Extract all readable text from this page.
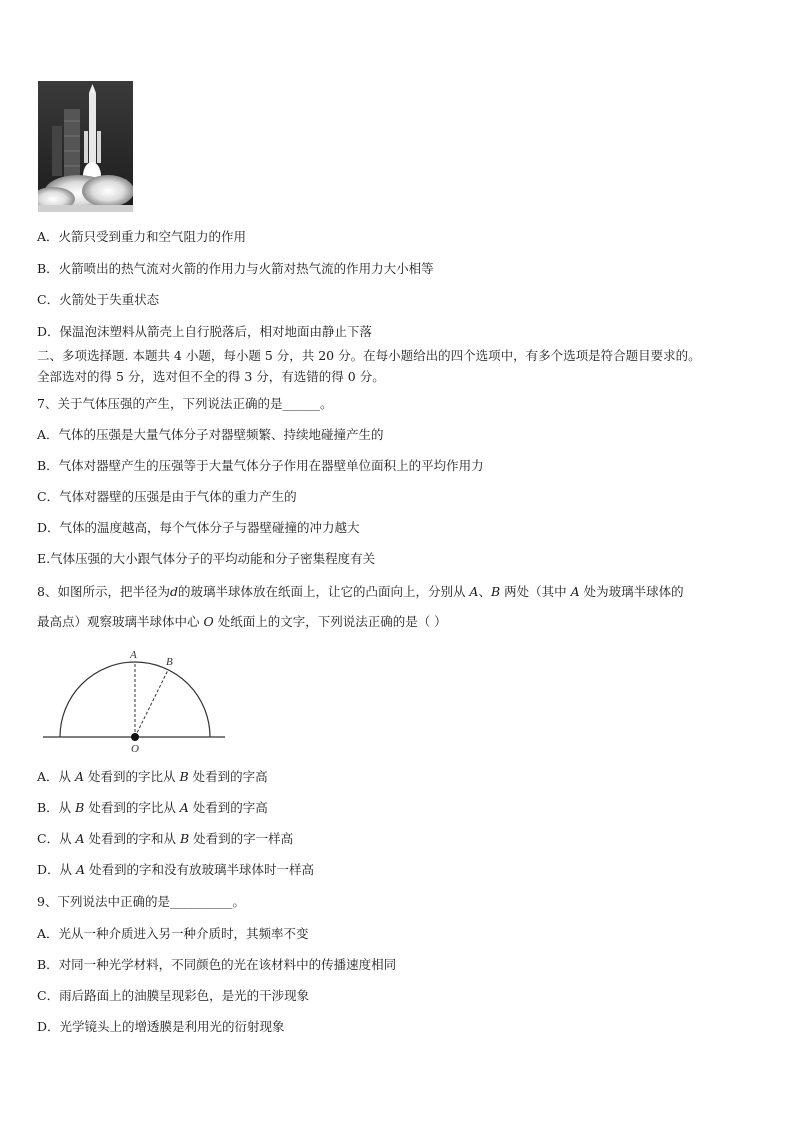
A．火箭只受到重力和空气阻力的作用
B．火箭喷出的热气流对火箭的作用力与火箭对热气流的作用力大小相等
C．火箭处于失重状态
D．保温泡沫塑料从箭壳上自行脱落后，相对地面由静止下落
二、多项选择题. 本题共 4 小题，每小题 5 分，共 20 分。在每小题给出的四个选项中，有多个选项是符合题目要求的。
全部选对的得 5 分，选对但不全的得 3 分，有选错的得 0 分。
7、关于气体压强的产生，下列说法正确的是______。
A．气体的压强是大量气体分子对器壁频繁、持续地碰撞产生的
B．气体对器壁产生的压强等于大量气体分子作用在器壁单位面积上的平均作用力
C．气体对器壁的压强是由于气体的重力产生的
D．气体的温度越高，每个气体分子与器壁碰撞的冲力越大
E.气体压强的大小跟气体分子的平均动能和分子密集程度有关
8、如图所示，把半径为𝑑的玻璃半球体放在纸面上，让它的凸面向上，分别从 𝐴、𝐵 两处（其中 𝐴 处为玻璃半球体的
最高点）观察玻璃半球体中心 𝑂 处纸面上的文字，下列说法正确的是（ ）
A
B
O
A．从 𝐴 处看到的字比从 𝐵 处看到的字高
B．从 𝐵 处看到的字比从 𝐴 处看到的字高
C．从 𝐴 处看到的字和从 𝐵 处看到的字一样高
D．从 𝐴 处看到的字和没有放玻璃半球体时一样高
9、下列说法中正确的是__________。
A．光从一种介质进入另一种介质时，其频率不变
B．对同一种光学材料，不同颜色的光在该材料中的传播速度相同
C．雨后路面上的油膜呈现彩色，是光的干涉现象
D．光学镜头上的增透膜是利用光的衍射现象
